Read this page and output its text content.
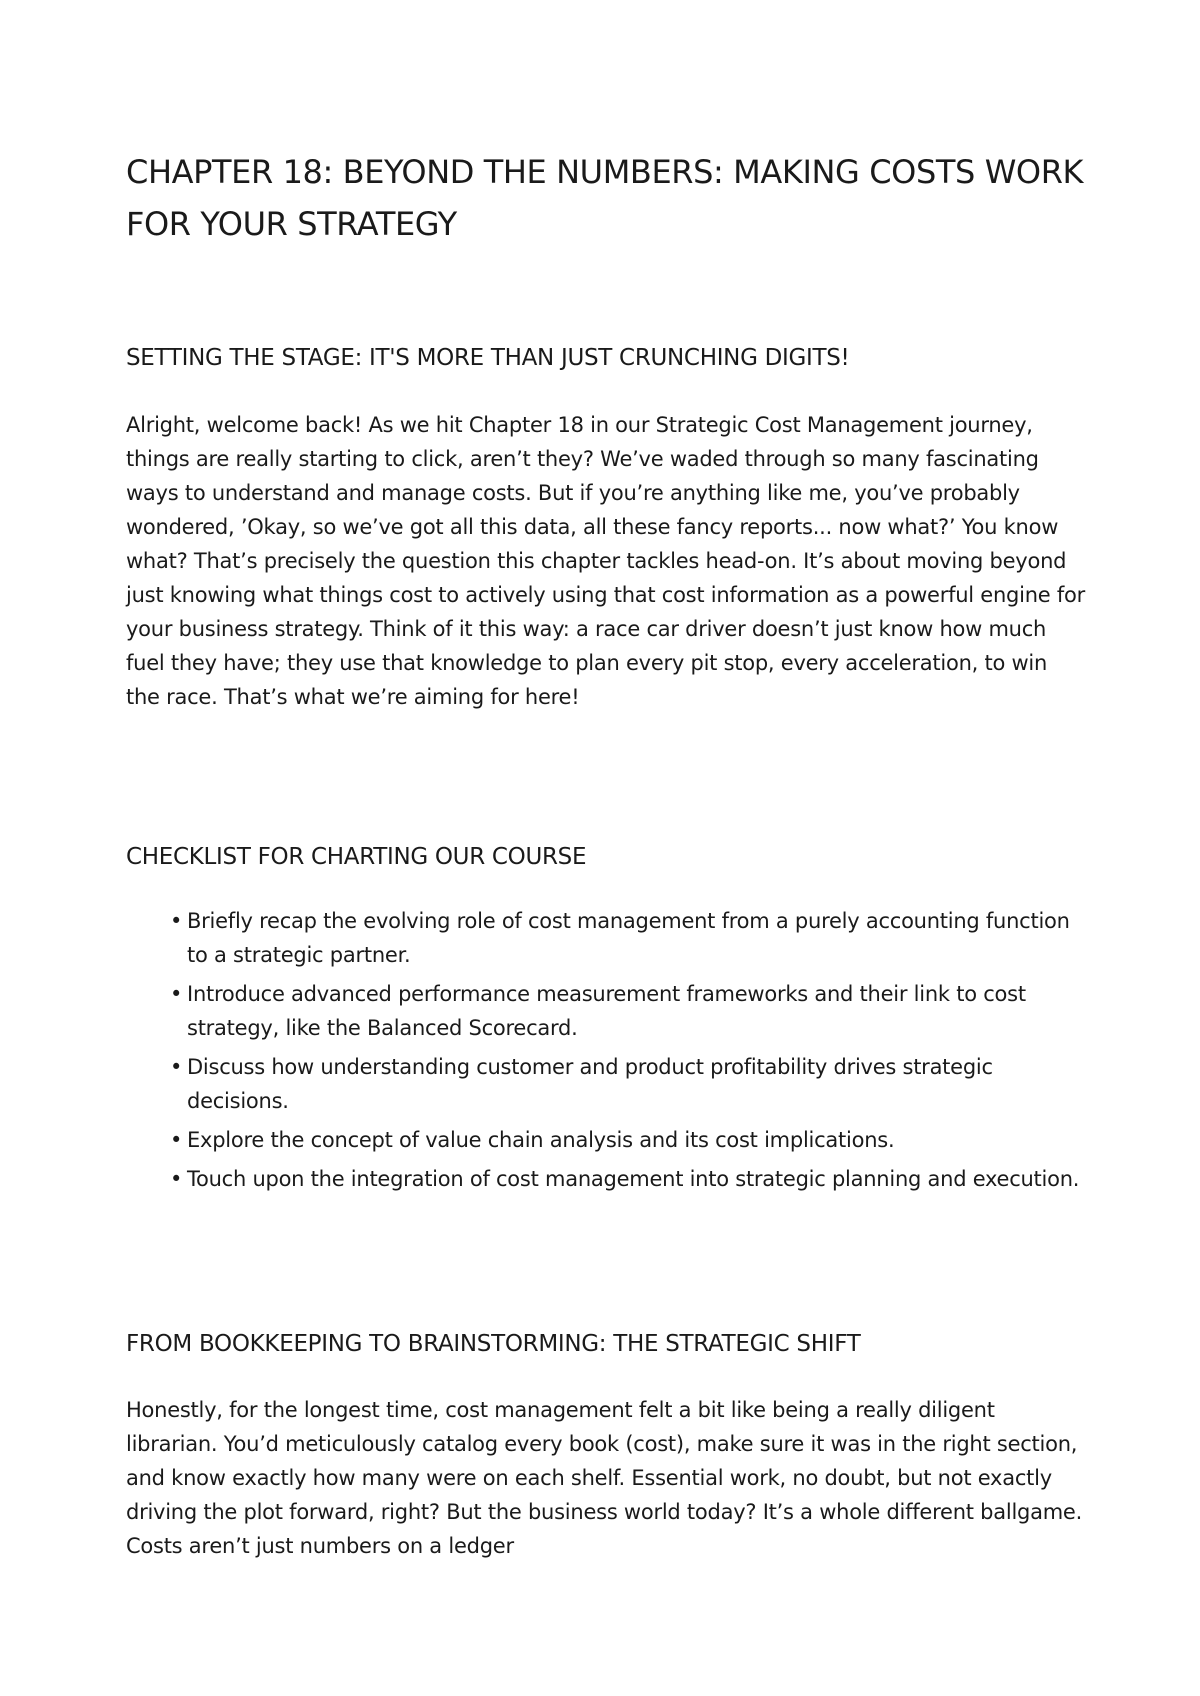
CHAPTER 18: BEYOND THE NUMBERS: MAKING COSTS WORK FOR YOUR STRATEGY
SETTING THE STAGE: IT'S MORE THAN JUST CRUNCHING DIGITS!

Alright, welcome back! As we hit Chapter 18 in our Strategic Cost Management journey, things are really starting to click, aren’t they? We’ve waded through so many fascinating ways to understand and manage costs. But if you’re anything like me, you’ve probably wondered, ’Okay, so we’ve got all this data, all these fancy reports... now what?’ You know what? That’s precisely the question this chapter tackles head-on. It’s about moving beyond just knowing what things cost to actively using that cost information as a powerful engine for your business strategy. Think of it this way: a race car driver doesn’t just know how much fuel they have; they use that knowledge to plan every pit stop, every acceleration, to win the race. That’s what we’re aiming for here!

CHECKLIST FOR CHARTING OUR COURSE
• Briefly recap the evolving role of cost management from a purely accounting function to a strategic partner.
• Introduce advanced performance measurement frameworks and their link to cost strategy, like the Balanced Scorecard.
• Discuss how understanding customer and product profitability drives strategic decisions.
• Explore the concept of value chain analysis and its cost implications.
• Touch upon the integration of cost management into strategic planning and execution.
FROM BOOKKEEPING TO BRAINSTORMING: THE STRATEGIC SHIFT

Honestly, for the longest time, cost management felt a bit like being a really diligent librarian. You’d meticulously catalog every book (cost), make sure it was in the right section, and know exactly how many were on each shelf. Essential work, no doubt, but not exactly driving the plot forward, right? But the business world today? It’s a whole different ballgame. Costs aren’t just numbers on a ledger
